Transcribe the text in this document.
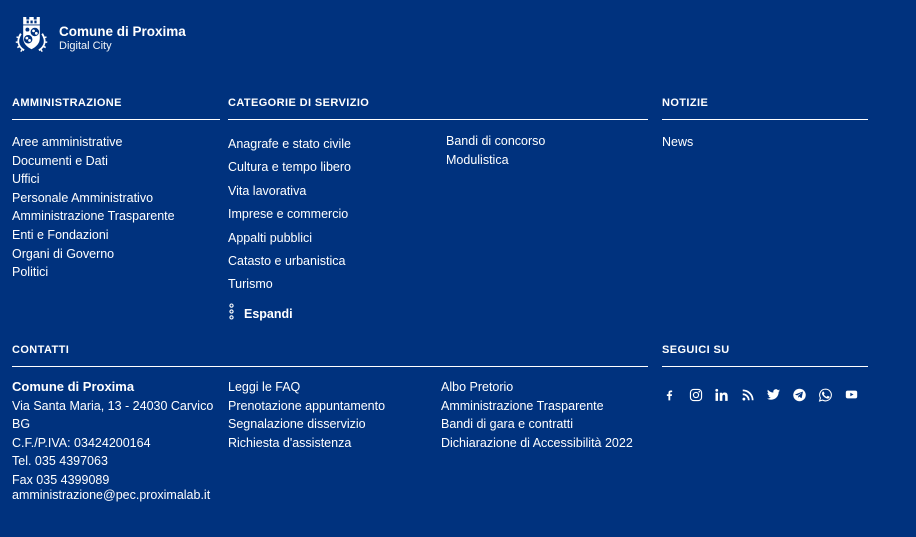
Comune di Proxima
Digital City
AMMINISTRAZIONE
Aree amministrative
Documenti e Dati
Uffici
Personale Amministrativo
Amministrazione Trasparente
Enti e Fondazioni
Organi di Governo
Politici
CATEGORIE DI SERVIZIO
Anagrafe e stato civile
Cultura e tempo libero
Vita lavorativa
Imprese e commercio
Appalti pubblici
Catasto e urbanistica
Turismo
Espandi
Bandi di concorso
Modulistica
NOTIZIE
News
CONTATTI
Comune di Proxima
Via Santa Maria, 13 - 24030 Carvico BG
C.F./P.IVA: 03424200164
Tel. 035 4397063
Fax 035 4399089
amministrazione@pec.proximalab.it
Leggi le FAQ
Prenotazione appuntamento
Segnalazione disservizio
Richiesta d'assistenza
Albo Pretorio
Amministrazione Trasparente
Bandi di gara e contratti
Dichiarazione di Accessibilità 2022
SEGUICI SU
